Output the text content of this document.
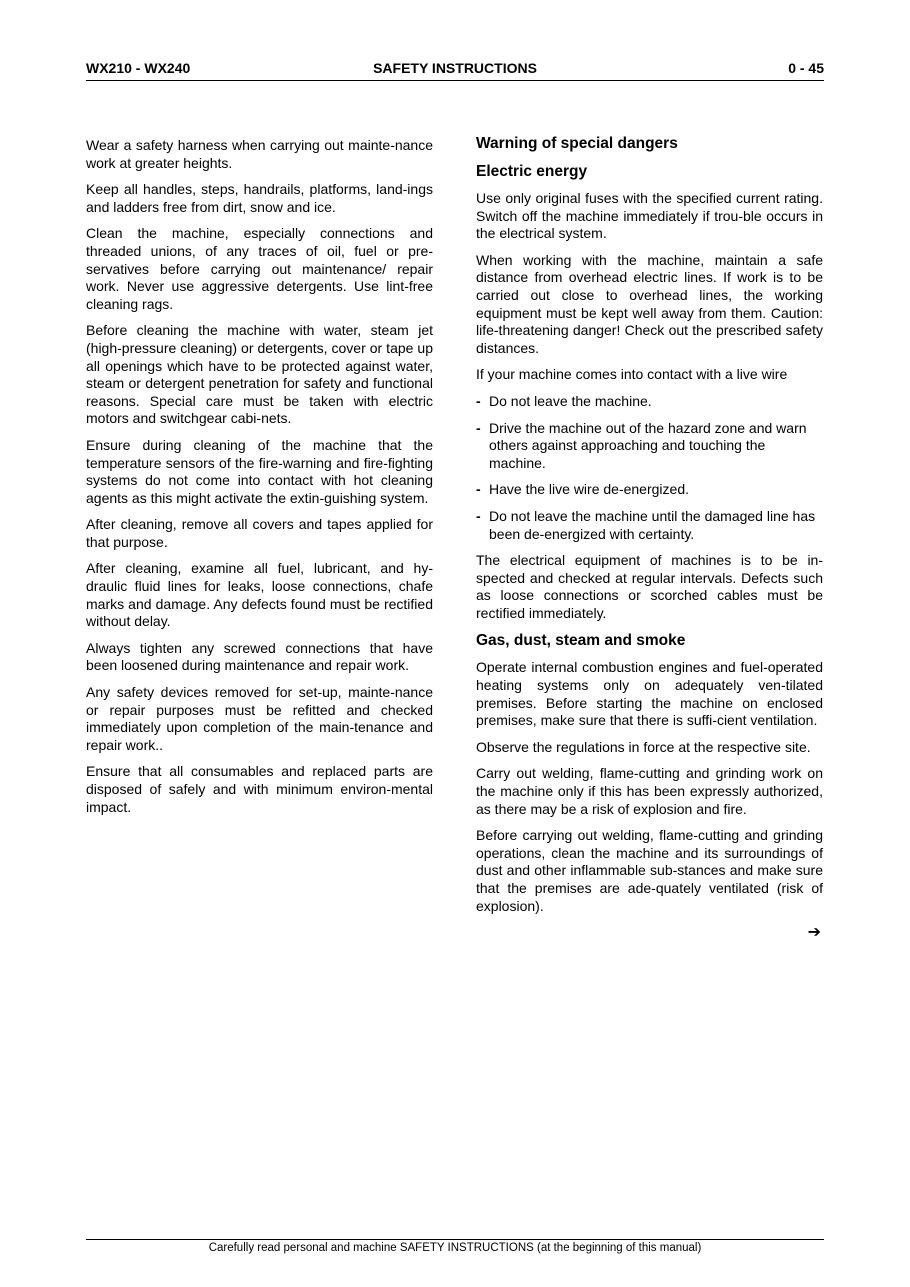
WX210 - WX240	SAFETY INSTRUCTIONS	0 - 45

Wear a safety harness when carrying out mainte-nance work at greater heights.

Keep all handles, steps, handrails, platforms, land-ings and ladders free from dirt, snow and ice.

Clean the machine, especially connections and threaded unions, of any traces of oil, fuel or pre-servatives before carrying out maintenance/ repair work. Never use aggressive detergents. Use lint-free cleaning rags.

Before cleaning the machine with water, steam jet (high-pressure cleaning) or detergents, cover or tape up all openings which have to be protected against water, steam or detergent penetration for safety and functional reasons. Special care must be taken with electric motors and switchgear cabi-nets.

Ensure during cleaning of the machine that the temperature sensors of the fire-warning and fire-fighting systems do not come into contact with hot cleaning agents as this might activate the extin-guishing system.

After cleaning, remove all covers and tapes applied for that purpose.

After cleaning, examine all fuel, lubricant, and hy-draulic fluid lines for leaks, loose connections, chafe marks and damage. Any defects found must be rectified without delay.

Always tighten any screwed connections that have been loosened during maintenance and repair work.

Any safety devices removed for set-up, mainte-nance or repair purposes must be refitted and checked immediately upon completion of the main-tenance and repair work..

Ensure that all consumables and replaced parts are disposed of safely and with minimum environ-mental impact.

Warning of special dangers
Electric energy

Use only original fuses with the specified current rating. Switch off the machine immediately if trou-ble occurs in the electrical system.

When working with the machine, maintain a safe distance from overhead electric lines. If work is to be carried out close to overhead lines, the working equipment must be kept well away from them. Caution: life-threatening danger! Check out the prescribed safety distances.

If your machine comes into contact with a live wire

- Do not leave the machine.
- Drive the machine out of the hazard zone and warn others against approaching and touching the machine.
- Have the live wire de-energized.
- Do not leave the machine until the damaged line has been de-energized with certainty.

The electrical equipment of machines is to be in-spected and checked at regular intervals. Defects such as loose connections or scorched cables must be rectified immediately.

Gas, dust, steam and smoke

Operate internal combustion engines and fuel-operated heating systems only on adequately ven-tilated premises. Before starting the machine on enclosed premises, make sure that there is suffi-cient ventilation.

Observe the regulations in force at the respective site.

Carry out welding, flame-cutting and grinding work on the machine only if this has been expressly authorized, as there may be a risk of explosion and fire.

Before carrying out welding, flame-cutting and grinding operations, clean the machine and its surroundings of dust and other inflammable sub-stances and make sure that the premises are ade-quately ventilated (risk of explosion).

➔
Carefully read personal and machine SAFETY INSTRUCTIONS (at the beginning of this manual)
